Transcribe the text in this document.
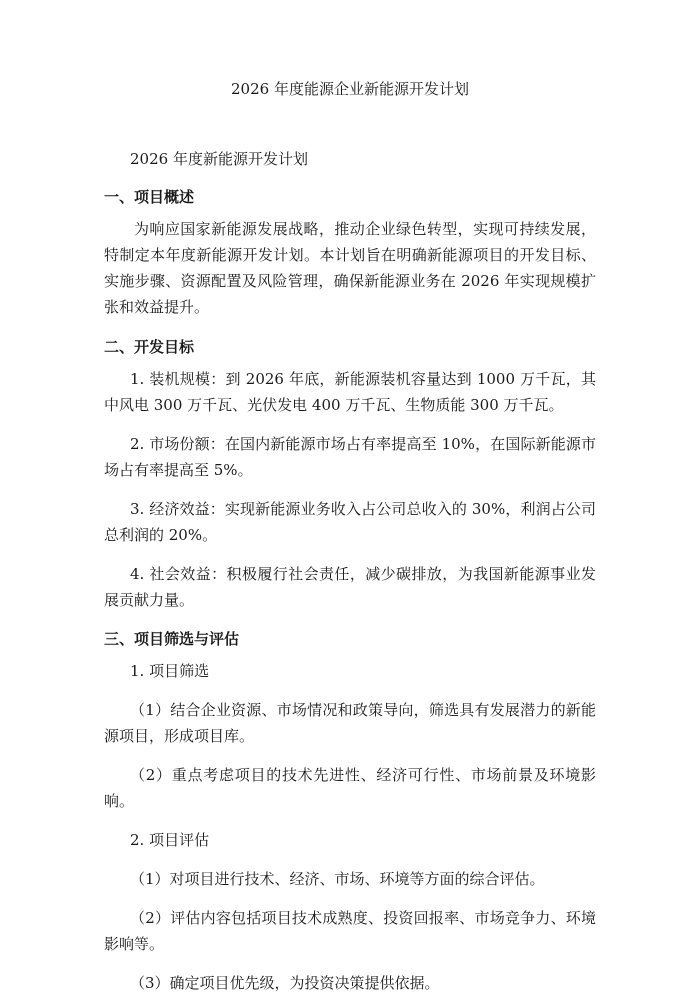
2026 年度能源企业新能源开发计划
2026 年度新能源开发计划
一、项目概述
为响应国家新能源发展战略，推动企业绿色转型，实现可持续发展，特制定本年度新能源开发计划。本计划旨在明确新能源项目的开发目标、实施步骤、资源配置及风险管理，确保新能源业务在 2026 年实现规模扩张和效益提升。
二、开发目标
1. 装机规模：到 2026 年底，新能源装机容量达到 1000 万千瓦，其中风电 300 万千瓦、光伏发电 400 万千瓦、生物质能 300 万千瓦。
2. 市场份额：在国内新能源市场占有率提高至 10%，在国际新能源市场占有率提高至 5%。
3. 经济效益：实现新能源业务收入占公司总收入的 30%，利润占公司总利润的 20%。
4. 社会效益：积极履行社会责任，减少碳排放，为我国新能源事业发展贡献力量。
三、项目筛选与评估
1. 项目筛选
（1）结合企业资源、市场情况和政策导向，筛选具有发展潜力的新能源项目，形成项目库。
（2）重点考虑项目的技术先进性、经济可行性、市场前景及环境影响。
2. 项目评估
（1）对项目进行技术、经济、市场、环境等方面的综合评估。
（2）评估内容包括项目技术成熟度、投资回报率、市场竞争力、环境影响等。
（3）确定项目优先级，为投资决策提供依据。
